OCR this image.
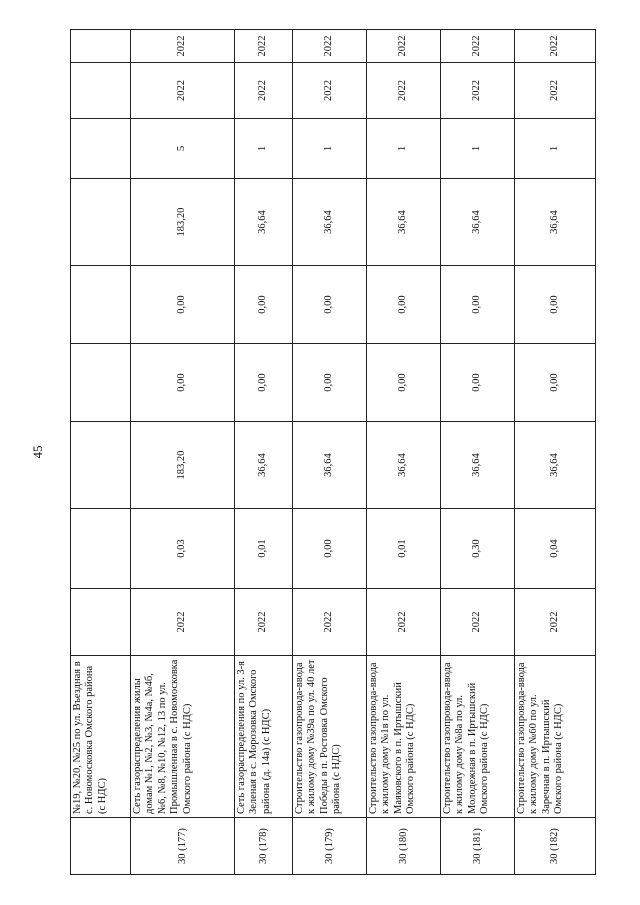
45
	№19, №20, №25 по ул. Въездная в с. Новомосковка Омского района (с НДС)									
30 (177)	Сеть газораспределения жилы домам №1, №2, №3, №4а, №4б, №6, №8, №10, №12, 13 по ул. Промышленная в с. Новомосковка Омского района (с НДС)	2022	0,03	183,20	0,00	0,00	183,20	5	2022	2022
30 (178)	Сеть газораспределения по ул. 3-я Зеленая в с. Морозовка Омского района (д. 14а) (с НДС)	2022	0,01	36,64	0,00	0,00	36,64	1	2022	2022
30 (179)	Строительство газопровода-ввода к жилому дому №39а по ул. 40 лет Победы в п. Ростовка Омского района (с НДС)	2022	0,00	36,64	0,00	0,00	36,64	1	2022	2022
30 (180)	Строительство газопровода-ввода к жилому дому №1в по ул. Маяковского в п. Иртышский Омского района (с НДС)	2022	0,01	36,64	0,00	0,00	36,64	1	2022	2022
30 (181)	Строительство газопровода-ввода к жилому дому №8а по ул. Молодежная в п. Иртышский Омского района (с НДС)	2022	0,30	36,64	0,00	0,00	36,64	1	2022	2022
30 (182)	Строительство газопровода-ввода к жилому дому №60 по ул. Заречная в п. Иртышский Омского района (с НДС)	2022	0,04	36,64	0,00	0,00	36,64	1	2022	2022
